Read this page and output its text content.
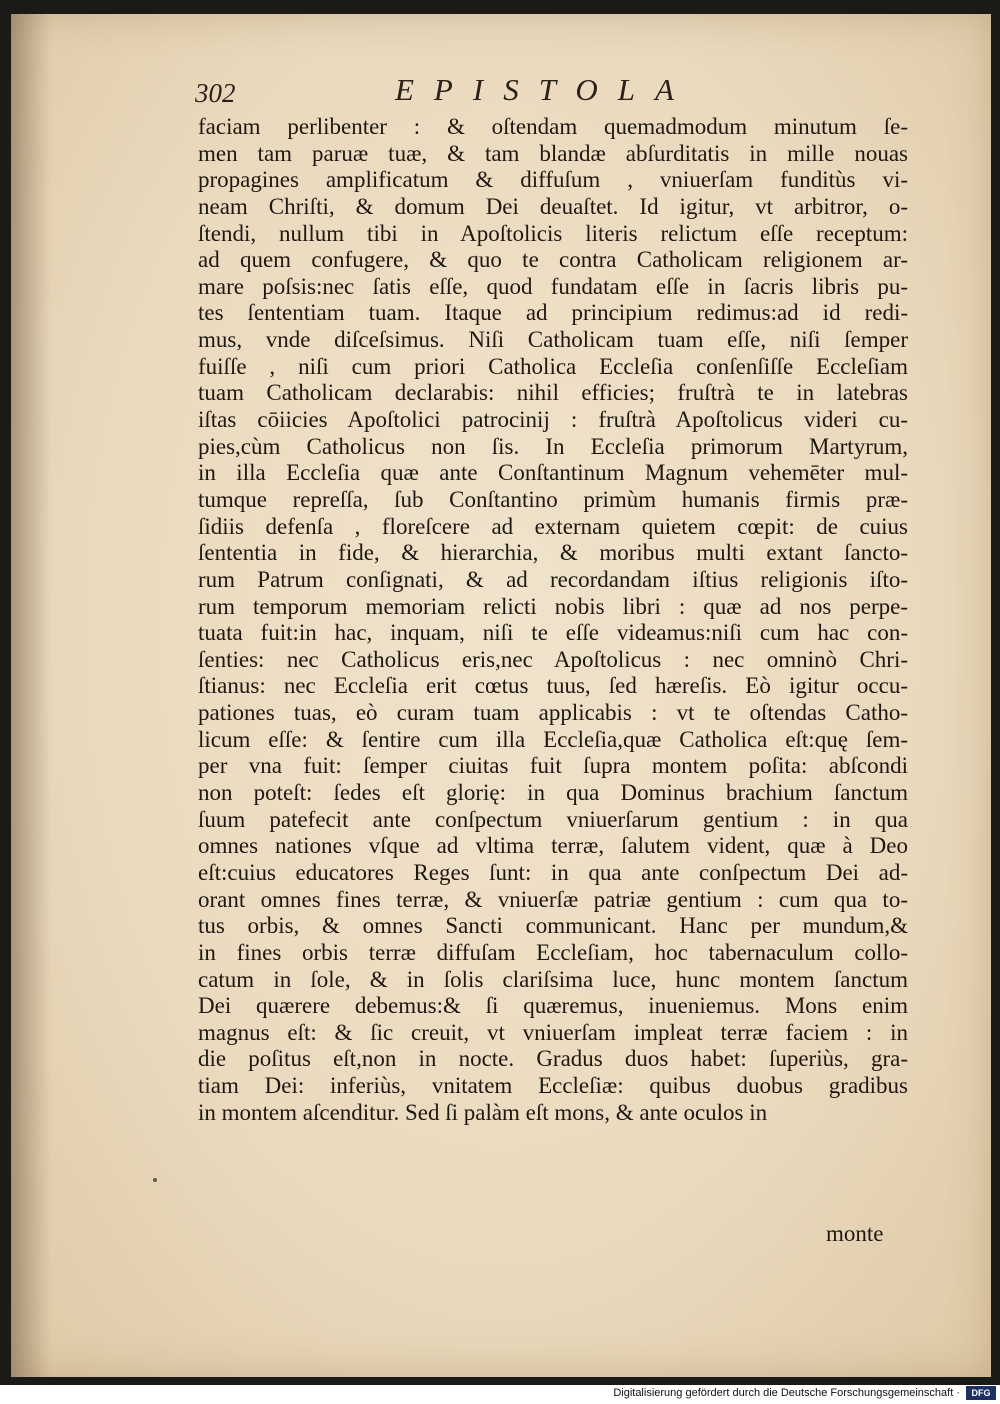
302	EPISTOLA
faciam perlibenter : & oſtendam quemadmodum minutum ſe-
men tam paruæ tuæ, & tam blandæ abſurditatis in mille nouas
propagines amplificatum & diffuſum , vniuerſam funditùs vi-
neam Chriſti, & domum Dei deuaſtet. Id igitur, vt arbitror, o-
ſtendi, nullum tibi in Apoſtolicis literis relictum eſſe receptum:
ad quem confugere, & quo te contra Catholicam religionem ar-
mare poſsis:nec ſatis eſſe, quod fundatam eſſe in ſacris libris pu-
tes ſententiam tuam. Itaque ad principium redimus:ad id redi-
mus, vnde diſceſsimus. Niſi Catholicam tuam eſſe, niſi ſemper
fuiſſe , niſi cum priori Catholica Eccleſia conſenſiſſe Eccleſiam
tuam Catholicam declarabis: nihil efficies; fruſtrà te in latebras
iſtas cōiicies Apoſtolici patrocinij : fruſtrà Apoſtolicus videri cu-
pies,cùm Catholicus non ſis. In Eccleſia primorum Martyrum,
in illa Eccleſia quæ ante Conſtantinum Magnum vehemēter mul-
tumque repreſſa, ſub Conſtantino primùm humanis firmis præ-
ſidiis defenſa , floreſcere ad externam quietem cœpit: de cuius
ſententia in fide, & hierarchia, & moribus multi extant ſancto-
rum Patrum conſignati, & ad recordandam iſtius religionis iſto-
rum temporum memoriam relicti nobis libri : quæ ad nos perpe-
tuata fuit:in hac, inquam, niſi te eſſe videamus:niſi cum hac con-
ſenties: nec Catholicus eris,nec Apoſtolicus : nec omninò Chri-
ſtianus: nec Eccleſia erit cœtus tuus, ſed hæreſis. Eò igitur occu-
pationes tuas, eò curam tuam applicabis : vt te oſtendas Catho-
licum eſſe: & ſentire cum illa Eccleſia,quæ Catholica eſt:quę ſem-
per vna fuit: ſemper ciuitas fuit ſupra montem poſita: abſcondi
non poteſt: ſedes eſt glorię: in qua Dominus brachium ſanctum
ſuum patefecit ante conſpectum vniuerſarum gentium : in qua
omnes nationes vſque ad vltima terræ, ſalutem vident, quæ à Deo
eſt:cuius educatores Reges ſunt: in qua ante conſpectum Dei ad-
orant omnes fines terræ, & vniuerſæ patriæ gentium : cum qua to-
tus orbis, & omnes Sancti communicant. Hanc per mundum,&
in fines orbis terræ diffuſam Eccleſiam, hoc tabernaculum collo-
catum in ſole, & in ſolis clariſsima luce, hunc montem ſanctum
Dei quærere debemus:& ſi quæremus, inueniemus. Mons enim
magnus eſt: & ſic creuit, vt vniuerſam impleat terræ faciem : in
die poſitus eſt,non in nocte. Gradus duos habet: ſuperiùs, gra-
tiam Dei: inferiùs, vnitatem Eccleſiæ: quibus duobus gradibus
in montem aſcenditur. Sed ſi palàm eſt mons, & ante oculos in
monte
Digitalisierung gefördert durch die Deutsche Forschungsgemeinschaft ·	DFG
